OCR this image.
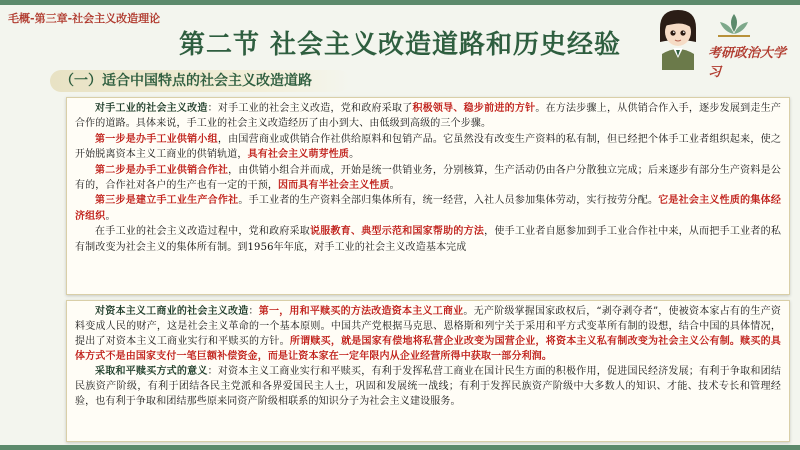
毛概-第三章-社会主义改造理论
第二节 社会主义改造道路和历史经验	考研政治大学习
（一）适合中国特点的社会主义改造道路

对手工业的社会主义改造：对手工业的社会主义改造，党和政府采取了积极领导、稳步前进的方针。在方法步骤上，从供销合作入手，逐步发展到走生产合作的道路。具体来说，手工业的社会主义改造经历了由小到大、由低级到高级的三个步骤。

第一步是办手工业供销小组，由国营商业或供销合作社供给原料和包销产品。它虽然没有改变生产资料的私有制，但已经把个体手工业者组织起来，使之开始脱离资本主义工商业的供销轨道，具有社会主义萌芽性质。

第二步是办手工业供销合作社，由供销小组合并而成，开始是统一供销业务，分别核算，生产活动仍由各户分散独立完成；后来逐步有部分生产资料是公有的，合作社对各户的生产也有一定的干预，因而具有半社会主义性质。

第三步是建立手工业生产合作社。手工业者的生产资料全部归集体所有，统一经营，入社人员参加集体劳动，实行按劳分配。它是社会主义性质的集体经济组织。

在手工业的社会主义改造过程中，党和政府采取说服教育、典型示范和国家帮助的方法，使手工业者自愿参加到手工业合作社中来，从而把手工业者的私有制改变为社会主义的集体所有制。到1956年年底，对手工业的社会主义改造基本完成

对资本主义工商业的社会主义改造：第一，用和平赎买的方法改造资本主义工商业。无产阶级掌握国家政权后，“剥夺剥夺者”，使被资本家占有的生产资料变成人民的财产，这是社会主义革命的一个基本原则。中国共产党根据马克思、恩格斯和列宁关于采用和平方式变革所有制的设想，结合中国的具体情况，提出了对资本主义工商业实行和平赎买的方针。所谓赎买，就是国家有偿地将私营企业改变为国营企业，将资本主义私有制改变为社会主义公有制。赎买的具体方式不是由国家支付一笔巨额补偿资金，而是让资本家在一定年限内从企业经营所得中获取一部分利润。

采取和平赎买方式的意义：对资本主义工商业实行和平赎买，有利于发挥私营工商业在国计民生方面的积极作用，促进国民经济发展；有利于争取和团结民族资产阶级，有利于团结各民主党派和各界爱国民主人士，巩固和发展统一战线；有利于发挥民族资产阶级中大多数人的知识、才能、技术专长和管理经验，也有利于争取和团结那些原来同资产阶级相联系的知识分子为社会主义建设服务。
